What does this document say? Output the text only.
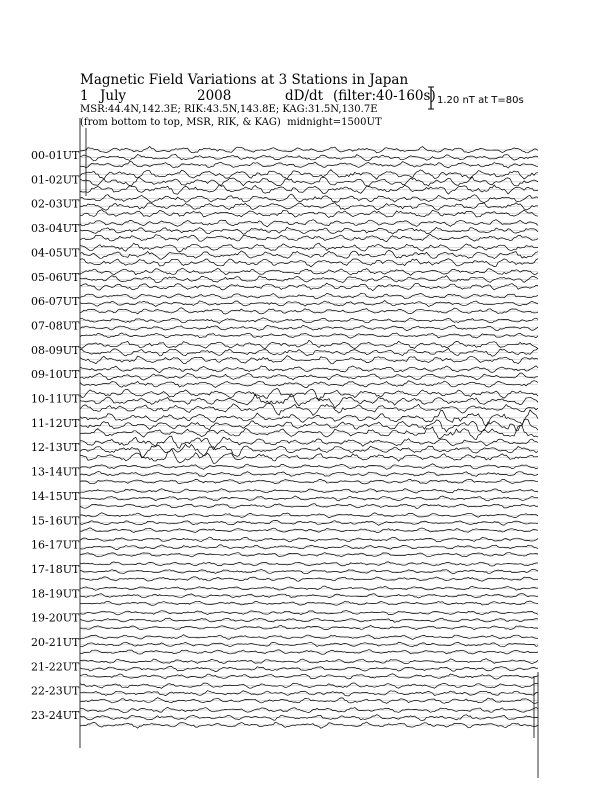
Magnetic Field Variations at 3 Stations in Japan
1 July	2008	dD/dt (filter:40-160s)
MSR:44.4N,142.3E; RIK:43.5N,143.8E; KAG:31.5N,130.7E
(from bottom to top, MSR, RIK, & KAG) midnight=1500UT
1.20 nT at T=80s
00-01UT
01-02UT
02-03UT
03-04UT
04-05UT
05-06UT
06-07UT
07-08UT
08-09UT
09-10UT
10-11UT
11-12UT
12-13UT
13-14UT
14-15UT
15-16UT
16-17UT
17-18UT
18-19UT
19-20UT
20-21UT
21-22UT
22-23UT
23-24UT
